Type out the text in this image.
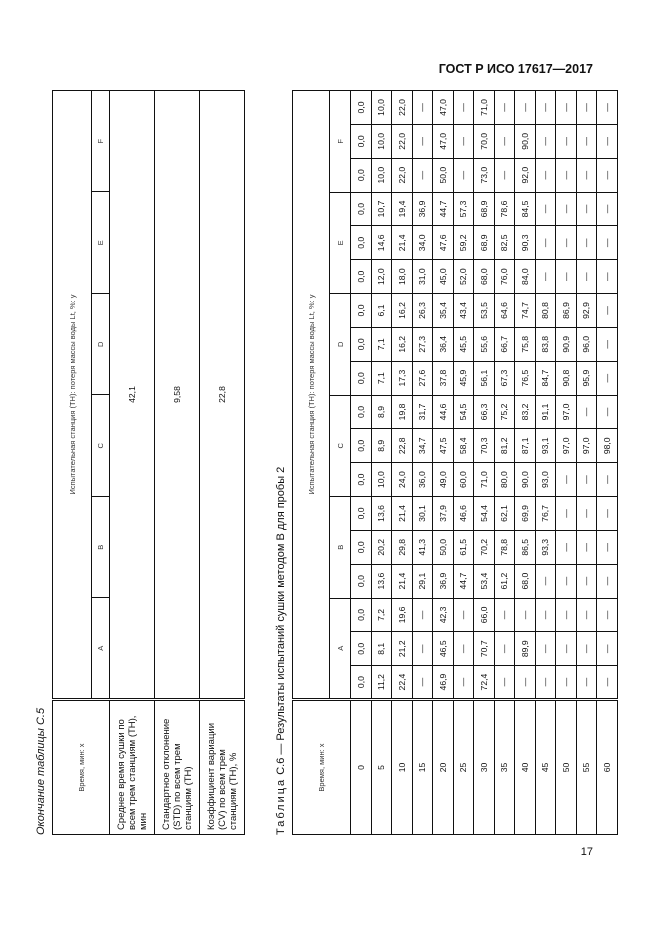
ГОСТ Р ИСО 17617—2017
Окончание таблицы С.5	Время, мин: x	Испытательная станция (ТН): потеря массы воды Lt, %: y					
	A	B	C	D	E	F
Среднее время сушки по всем трем станциям (ТН), мин	42,1					
Стандартное отклонение (STD) по всем трем станциям (ТН)	9,58					
Коэффициент вариации (CV) по всем трем станциям (ТН), %	22,8					
Таблица С.6 — Результаты испытаний сушки методом В для пробы 2	Время, мин: x	Испытательная станция (ТН): потеря массы воды Lt, %: y																	
	A			B			C			D			E			F		
0	0,0	0,0	0,0	0,0	0,0	0,0	0,0	0,0	0,0	0,0	0,0	0,0	0,0	0,0	0,0	0,0	0,0	0,0
5	11,2	8,1	7,2	13,6	20,2	13,6	10,0	8,9	8,9	7,1	7,1	6,1	12,0	14,6	10,7	10,0	10,0	10,0
10	22,4	21,2	19,6	21,4	29,8	21,4	24,0	22,8	19,8	17,3	16,2	16,2	18,0	21,4	19,4	22,0	22,0	22,0
15	—	—	—	29,1	41,3	30,1	36,0	34,7	31,7	27,6	27,3	26,3	31,0	34,0	36,9	—	—	—
20	46,9	46,5	42,3	36,9	50,0	37,9	49,0	47,5	44,6	37,8	36,4	35,4	45,0	47,6	44,7	50,0	47,0	47,0
25	—	—	—	44,7	61,5	46,6	60,0	58,4	54,5	45,9	45,5	43,4	52,0	59,2	57,3	—	—	—
30	72,4	70,7	66,0	53,4	70,2	54,4	71,0	70,3	66,3	56,1	55,6	53,5	68,0	68,9	68,9	73,0	70,0	71,0
35	—	—	—	61,2	78,8	62,1	80,0	81,2	75,2	67,3	66,7	64,6	76,0	82,5	78,6	—	—	—
40	—	89,9	—	68,0	86,5	69,9	90,0	87,1	83,2	76,5	75,8	74,7	84,0	90,3	84,5	92,0	90,0	—
45	—	—	—	—	93,3	76,7	93,0	93,1	91,1	84,7	83,8	80,8	—	—	—	—	—	—
50	—	—	—	—	—	—	—	97,0	97,0	90,8	90,9	86,9	—	—	—	—	—	—
55	—	—	—	—	—	—	—	97,0	—	95,9	96,0	92,9	—	—	—	—	—	—
60	—	—	—	—	—	—	—	98,0	—	—	—	—	—	—	—	—	—	—
17
